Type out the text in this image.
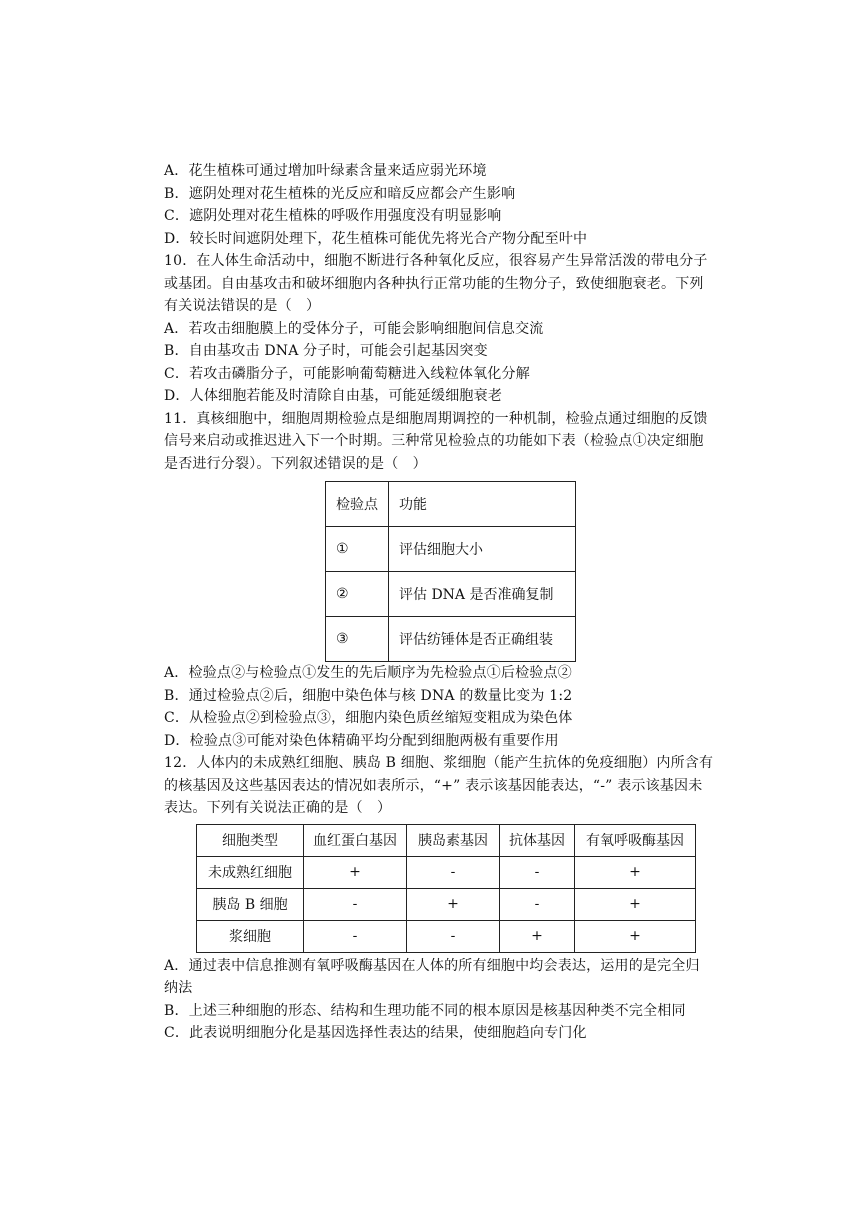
A．花生植株可通过增加叶绿素含量来适应弱光环境
B．遮阴处理对花生植株的光反应和暗反应都会产生影响
C．遮阴处理对花生植株的呼吸作用强度没有明显影响
D．较长时间遮阴处理下，花生植株可能优先将光合产物分配至叶中
10．在人体生命活动中，细胞不断进行各种氧化反应，很容易产生异常活泼的带电分子
或基团。自由基攻击和破坏细胞内各种执行正常功能的生物分子，致使细胞衰老。下列
有关说法错误的是（　）
A．若攻击细胞膜上的受体分子，可能会影响细胞间信息交流
B．自由基攻击 DNA 分子时，可能会引起基因突变
C．若攻击磷脂分子，可能影响葡萄糖进入线粒体氧化分解
D．人体细胞若能及时清除自由基，可能延缓细胞衰老
11．真核细胞中，细胞周期检验点是细胞周期调控的一种机制，检验点通过细胞的反馈
信号来启动或推迟进入下一个时期。三种常见检验点的功能如下表（检验点①决定细胞
是否进行分裂）。下列叙述错误的是（　）
检验点	功能
①	评估细胞大小
②	评估 DNA 是否准确复制
③	评估纺锤体是否正确组装
A．检验点②与检验点①发生的先后顺序为先检验点①后检验点②
B．通过检验点②后，细胞中染色体与核 DNA 的数量比变为 1:2
C．从检验点②到检验点③，细胞内染色质丝缩短变粗成为染色体
D．检验点③可能对染色体精确平均分配到细胞两极有重要作用
12．人体内的未成熟红细胞、胰岛 B 细胞、浆细胞（能产生抗体的免疫细胞）内所含有
的核基因及这些基因表达的情况如表所示，“+” 表示该基因能表达，“-” 表示该基因未
表达。下列有关说法正确的是（　）
细胞类型	血红蛋白基因	胰岛素基因	抗体基因	有氧呼吸酶基因
未成熟红细胞	+	-	-	+
胰岛 B 细胞	-	+	-	+
浆细胞	-	-	+	+
A．通过表中信息推测有氧呼吸酶基因在人体的所有细胞中均会表达，运用的是完全归
纳法
B．上述三种细胞的形态、结构和生理功能不同的根本原因是核基因种类不完全相同
C．此表说明细胞分化是基因选择性表达的结果，使细胞趋向专门化
